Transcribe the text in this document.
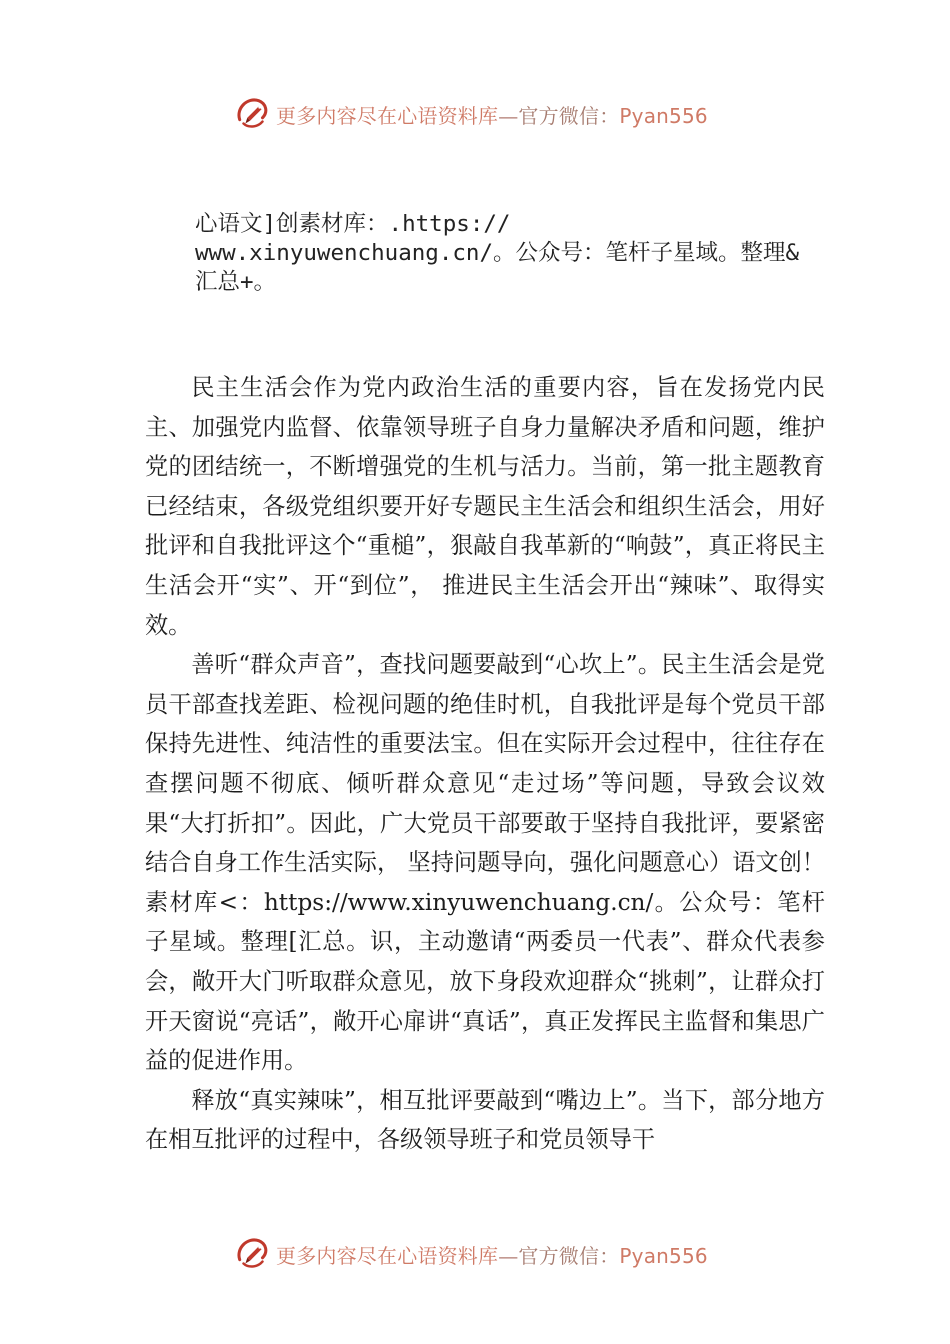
更多内容尽在心语资料库—官方微信：Pyan556
心语文]创素材库：.https://
www.xinyuwenchuang.cn/。公众号：笔杆子星域。整理&
汇总+。

民主生活会作为党内政治生活的重要内容，旨在发扬党内民主、加强党内监督、依靠领导班子自身力量解决矛盾和问题，维护党的团结统一，不断增强党的生机与活力。当前，第一批主题教育已经结束，各级党组织要开好专题民主生活会和组织生活会，用好批评和自我批评这个“重槌”，狠敲自我革新的“响鼓”，真正将民主生活会开“实”、开“到位”， 推进民主生活会开出“辣味”、取得实效。

善听“群众声音”，查找问题要敲到“心坎上”。民主生活会是党员干部查找差距、检视问题的绝佳时机，自我批评是每个党员干部保持先进性、纯洁性的重要法宝。但在实际开会过程中，往往存在查摆问题不彻底、倾听群众意见“走过场”等问题，导致会议效果“大打折扣”。因此，广大党员干部要敢于坚持自我批评，要紧密结合自身工作生活实际， 坚持问题导向，强化问题意心）语文创！素材库<：https://www.xinyuwenchuang.cn/。公众号：笔杆子星域。整理[汇总。识，主动邀请“两委员一代表”、群众代表参会，敞开大门听取群众意见，放下身段欢迎群众“挑刺”，让群众打开天窗说“亮话”，敞开心扉讲“真话”，真正发挥民主监督和集思广益的促进作用。

释放“真实辣味”，相互批评要敲到“嘴边上”。当下，部分地方在相互批评的过程中，各级领导班子和党员领导干

更多内容尽在心语资料库—官方微信：Pyan556
